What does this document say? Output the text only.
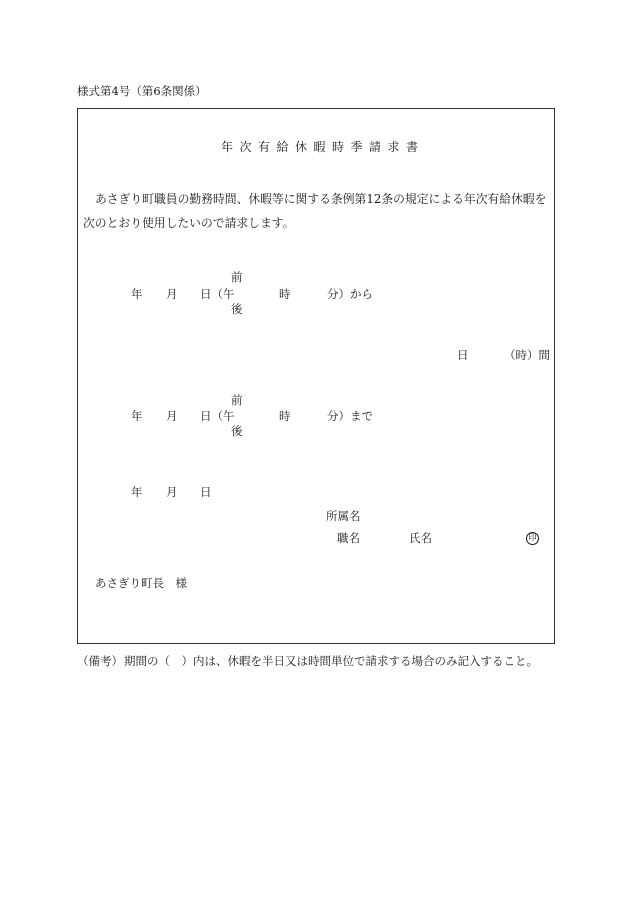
様式第4号（第6条関係）
年次有給休暇時季請求書
あさぎり町職員の勤務時間、休暇等に関する条例第12条の規定による年次有給休暇を
次のとおり使用したいので請求します。
年 月 日（午
前
後
時	分）から
日	（時）間
年 月 日（午
前
後
時	分）まで
年 月 日
所属名
職名	氏名	印
あさぎり町長　様
（備考） 期間の（　）内は、休暇を半日又は時間単位で請求する場合のみ記入すること。
